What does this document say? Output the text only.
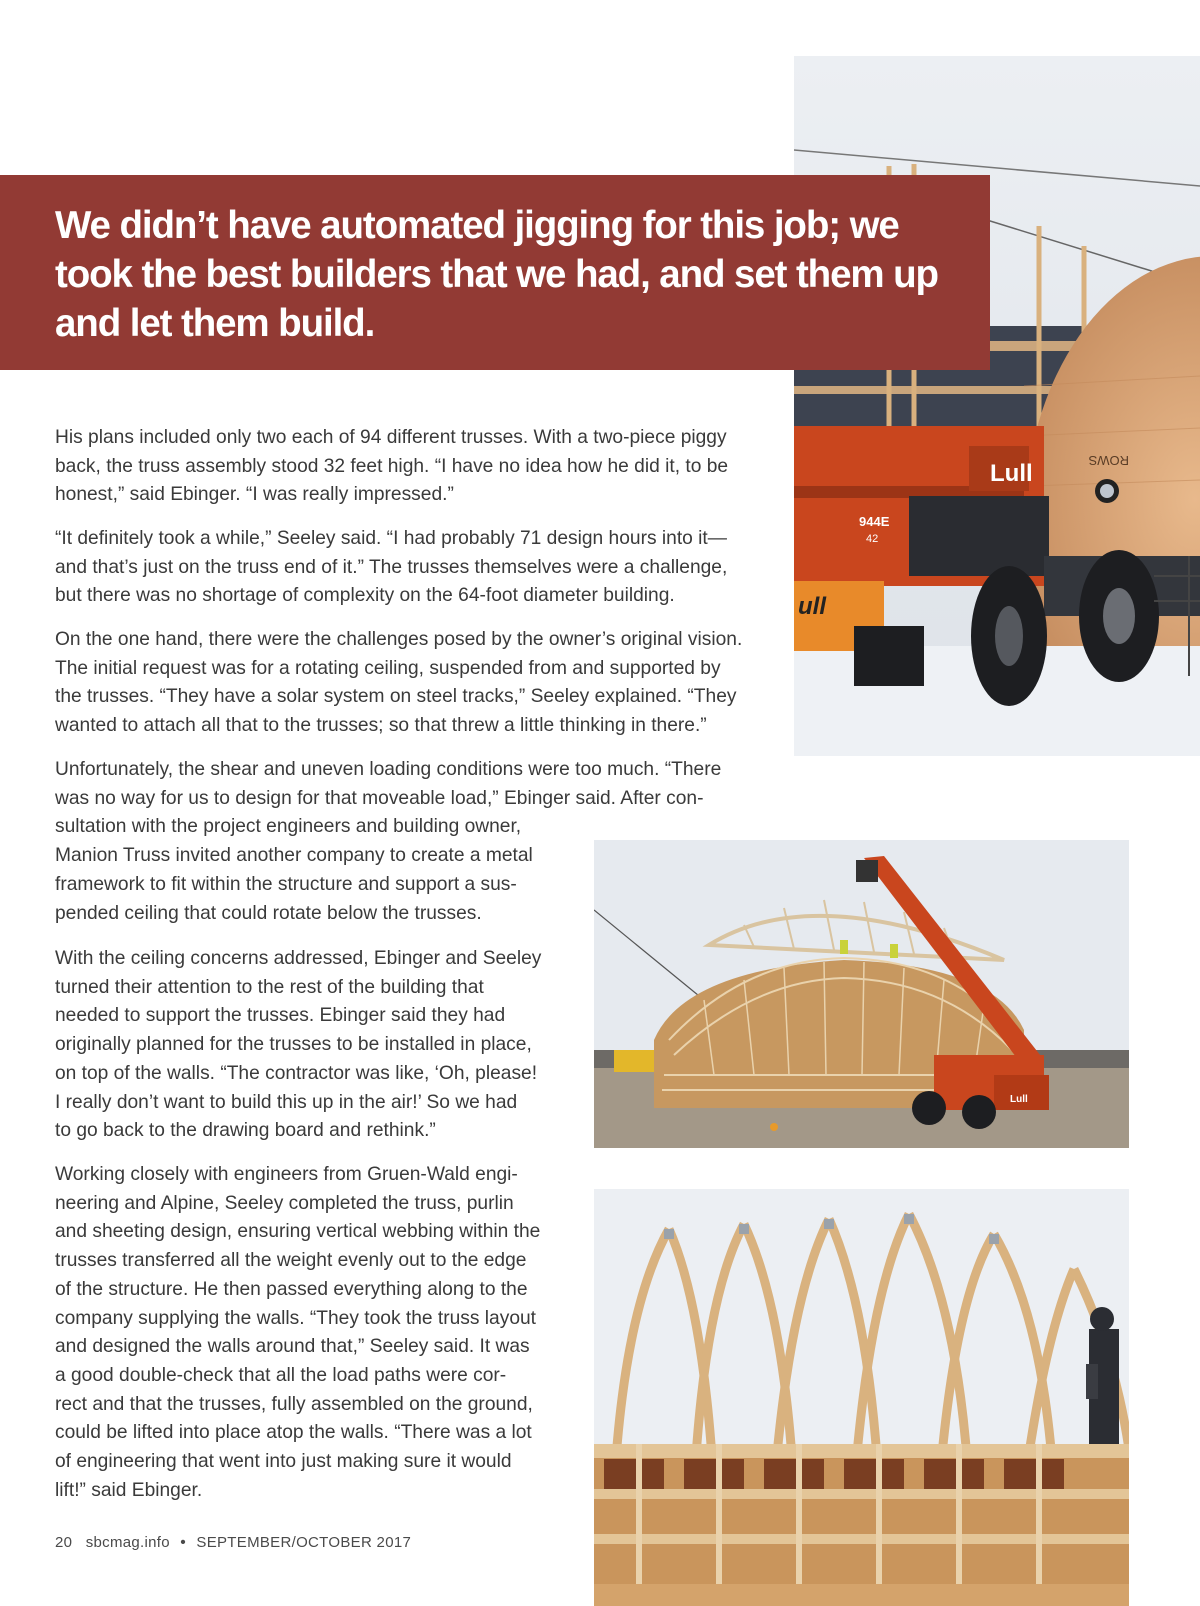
ROWS
Lull
944E
42
ull

We didn’t have automated jigging for this job; we took the best builders that we had, and set them up and let them build.

His plans included only two each of 94 different trusses. With a two-piece piggy
back, the truss assembly stood 32 feet high. “I have no idea how he did it, to be
honest,” said Ebinger. “I was really impressed.”
“It definitely took a while,” Seeley said. “I had probably 71 design hours into it—
and that’s just on the truss end of it.” The trusses themselves were a challenge,
but there was no shortage of complexity on the 64-foot diameter building.
On the one hand, there were the challenges posed by the owner’s original vision.
The initial request was for a rotating ceiling, suspended from and supported by
the trusses. “They have a solar system on steel tracks,” Seeley explained. “They
wanted to attach all that to the trusses; so that threw a little thinking in there.”
Unfortunately, the shear and uneven loading conditions were too much. “There
was no way for us to design for that moveable load,” Ebinger said. After con-
sultation with the project engineers and building owner,
Manion Truss invited another company to create a metal
framework to fit within the structure and support a sus-
pended ceiling that could rotate below the trusses.
With the ceiling concerns addressed, Ebinger and Seeley
turned their attention to the rest of the building that
needed to support the trusses. Ebinger said they had
originally planned for the trusses to be installed in place,
on top of the walls. “The contractor was like, ‘Oh, please!
I really don’t want to build this up in the air!’ So we had
to go back to the drawing board and rethink.”
Working closely with engineers from Gruen-Wald engi-
neering and Alpine, Seeley completed the truss, purlin
and sheeting design, ensuring vertical webbing within the
trusses transferred all the weight evenly out to the edge
of the structure. He then passed everything along to the
company supplying the walls. “They took the truss layout
and designed the walls around that,” Seeley said. It was
a good double-check that all the load paths were cor-
rect and that the trusses, fully assembled on the ground,
could be lifted into place atop the walls. “There was a lot
of engineering that went into just making sure it would
lift!” said Ebinger.
Lull
20 sbcmag.info • SEPTEMBER/OCTOBER 2017
